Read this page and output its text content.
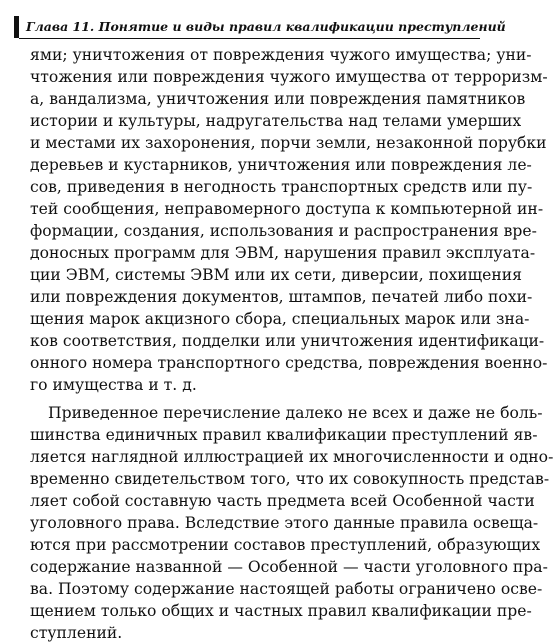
Глава 11. Понятие и виды правил квалификации преступлений
ями; уничтожения от повреждения чужого имущества; уни-
чтожения или повреждения чужого имущества от терроризм-
а, вандализма, уничтожения или повреждения памятников
истории и культуры, надругательства над телами умерших
и местами их захоронения, порчи земли, незаконной порубки
деревьев и кустарников, уничтожения или повреждения ле-
сов, приведения в негодность транспортных средств или пу-
тей сообщения, неправомерного доступа к компьютерной ин-
формации, создания, использования и распространения вре-
доносных программ для ЭВМ, нарушения правил эксплуата-
ции ЭВМ, системы ЭВМ или их сети, диверсии, похищения
или повреждения документов, штампов, печатей либо похи-
щения марок акцизного сбора, специальных марок или зна-
ков соответствия, подделки или уничтожения идентификаци-
онного номера транспортного средства, повреждения военно-
го имущества и т. д.
Приведенное перечисление далеко не всех и даже не боль-
шинства единичных правил квалификации преступлений яв-
ляется наглядной иллюстрацией их многочисленности и одно-
временно свидетельством того, что их совокупность представ-
ляет собой составную часть предмета всей Особенной части
уголовного права. Вследствие этого данные правила освеща-
ются при рассмотрении составов преступлений, образующих
содержание названной — Особенной — части уголовного пра-
ва. Поэтому содержание настоящей работы ограничено осве-
щением только общих и частных правил квалификации пре-
ступлений.
